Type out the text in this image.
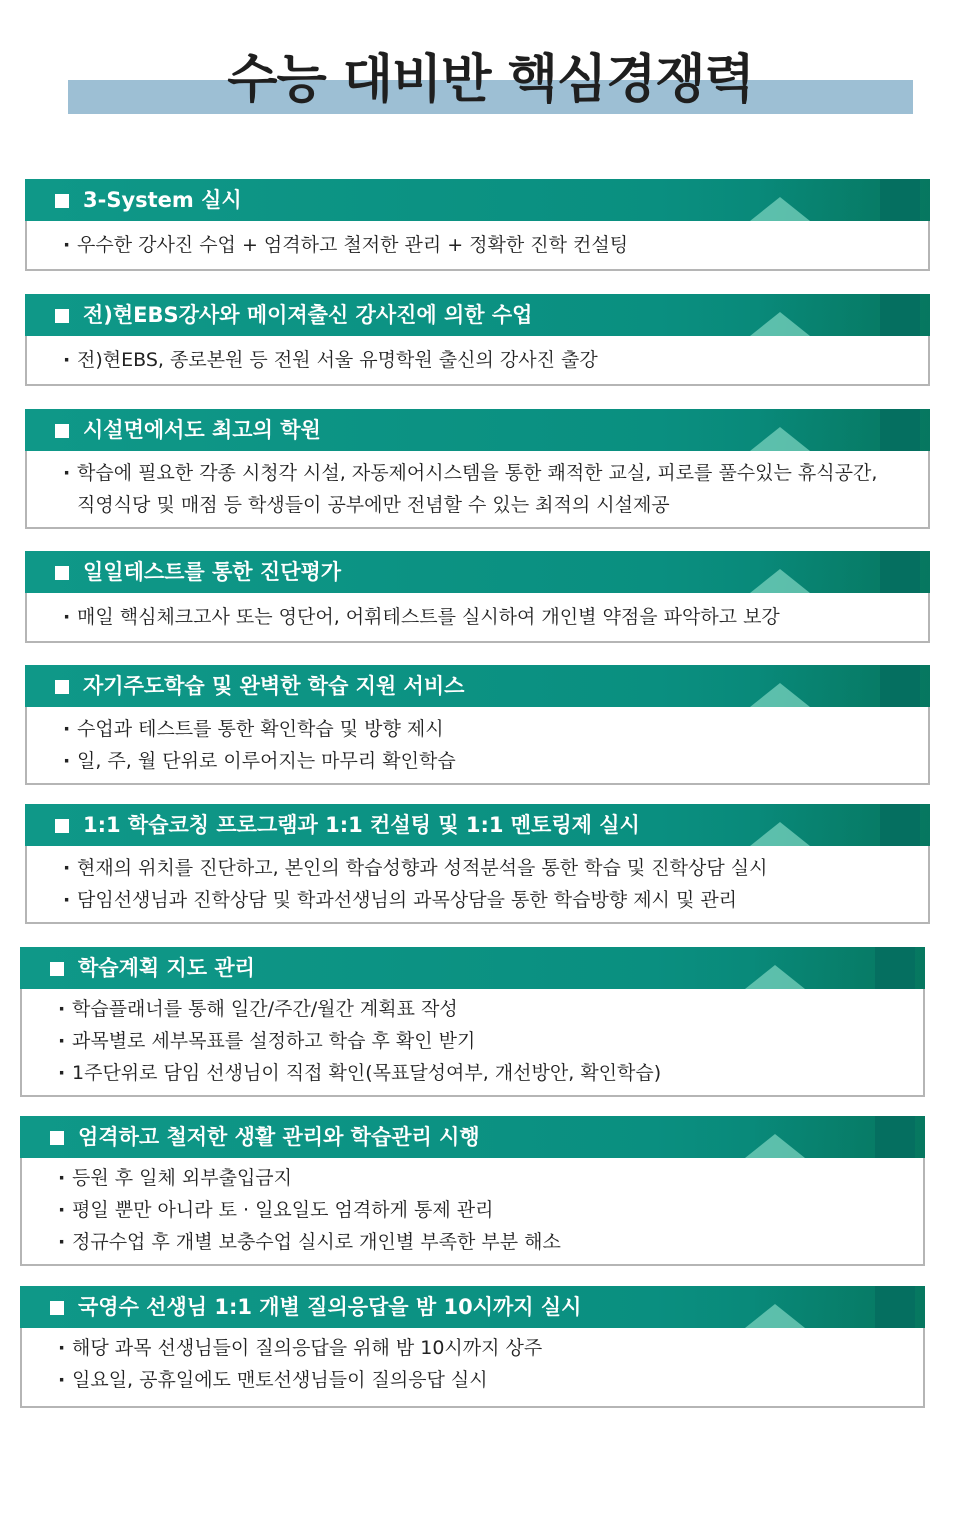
수능 대비반 핵심경쟁력
3-System 실시
· 우수한 강사진 수업 + 엄격하고 철저한 관리 + 정확한 진학 컨설팅
전)현EBS강사와 메이져출신 강사진에 의한 수업
· 전)현EBS, 종로본원 등 전원 서울 유명학원 출신의 강사진 출강
시설면에서도 최고의 학원
· 학습에 필요한 각종 시청각 시설, 자동제어시스템을 통한 쾌적한 교실, 피로를 풀수있는 휴식공간,
직영식당 및 매점 등 학생들이 공부에만 전념할 수 있는 최적의 시설제공
일일테스트를 통한 진단평가
· 매일 핵심체크고사 또는 영단어, 어휘테스트를 실시하여 개인별 약점을 파악하고 보강
자기주도학습 및 완벽한 학습 지원 서비스
· 수업과 테스트를 통한 확인학습 및 방향 제시
· 일, 주, 월 단위로 이루어지는 마무리 확인학습
1:1 학습코칭 프로그램과 1:1 컨설팅 및 1:1 멘토링제 실시
· 현재의 위치를 진단하고, 본인의 학습성향과 성적분석을 통한 학습 및 진학상담 실시
· 담임선생님과 진학상담 및 학과선생님의 과목상담을 통한 학습방향 제시 및 관리
학습계획 지도 관리
· 학습플래너를 통해 일간/주간/월간 계획표 작성
· 과목별로 세부목표를 설정하고 학습 후 확인 받기
· 1주단위로 담임 선생님이 직접 확인(목표달성여부, 개선방안, 확인학습)
엄격하고 철저한 생활 관리와 학습관리 시행
· 등원 후 일체 외부출입금지
· 평일 뿐만 아니라 토 · 일요일도 엄격하게 통제 관리
· 정규수업 후 개별 보충수업 실시로 개인별 부족한 부분 해소
국영수 선생님 1:1 개별 질의응답을 밤 10시까지 실시
· 해당 과목 선생님들이 질의응답을 위해 밤 10시까지 상주
· 일요일, 공휴일에도 맨토선생님들이 질의응답 실시
